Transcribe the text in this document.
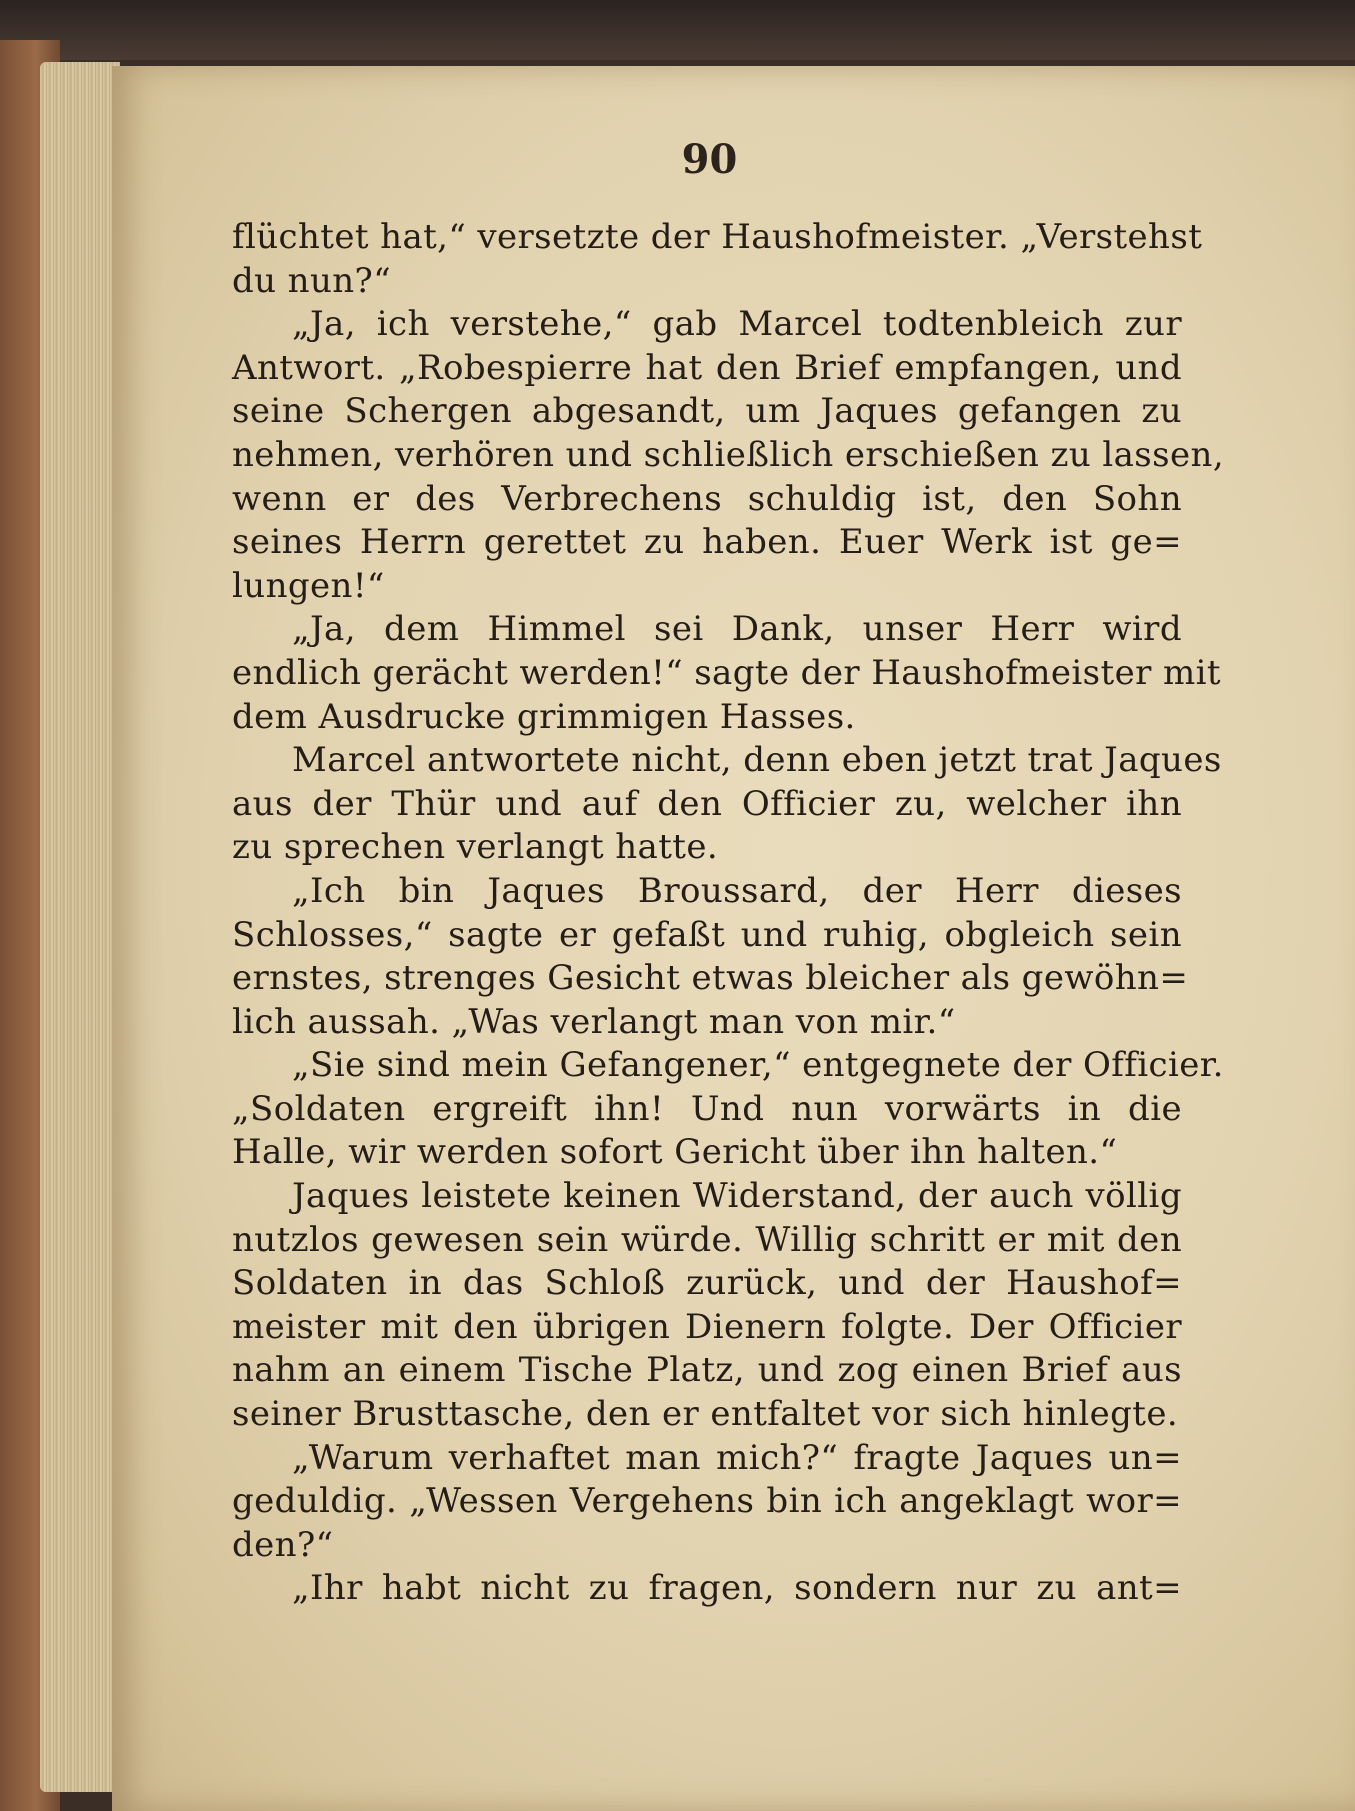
90
flüchtet hat,“ versetzte der Haushofmeister. „Verstehst
du nun?“
„Ja, ich verstehe,“ gab Marcel todtenbleich zur
Antwort. „Robespierre hat den Brief empfangen, und
seine Schergen abgesandt, um Jaques gefangen zu
nehmen, verhören und schließlich erschießen zu lassen,
wenn er des Verbrechens schuldig ist, den Sohn
seines Herrn gerettet zu haben. Euer Werk ist ge=
lungen!“
„Ja, dem Himmel sei Dank, unser Herr wird
endlich gerächt werden!“ sagte der Haushofmeister mit
dem Ausdrucke grimmigen Hasses.
Marcel antwortete nicht, denn eben jetzt trat Jaques
aus der Thür und auf den Officier zu, welcher ihn
zu sprechen verlangt hatte.
„Ich bin Jaques Broussard, der Herr dieses
Schlosses,“ sagte er gefaßt und ruhig, obgleich sein
ernstes, strenges Gesicht etwas bleicher als gewöhn=
lich aussah. „Was verlangt man von mir.“
„Sie sind mein Gefangener,“ entgegnete der Officier.
„Soldaten ergreift ihn! Und nun vorwärts in die
Halle, wir werden sofort Gericht über ihn halten.“
Jaques leistete keinen Widerstand, der auch völlig
nutzlos gewesen sein würde. Willig schritt er mit den
Soldaten in das Schloß zurück, und der Haushof=
meister mit den übrigen Dienern folgte. Der Officier
nahm an einem Tische Platz, und zog einen Brief aus
seiner Brusttasche, den er entfaltet vor sich hinlegte.
„Warum verhaftet man mich?“ fragte Jaques un=
geduldig. „Wessen Vergehens bin ich angeklagt wor=
den?“
„Ihr habt nicht zu fragen, sondern nur zu ant=
